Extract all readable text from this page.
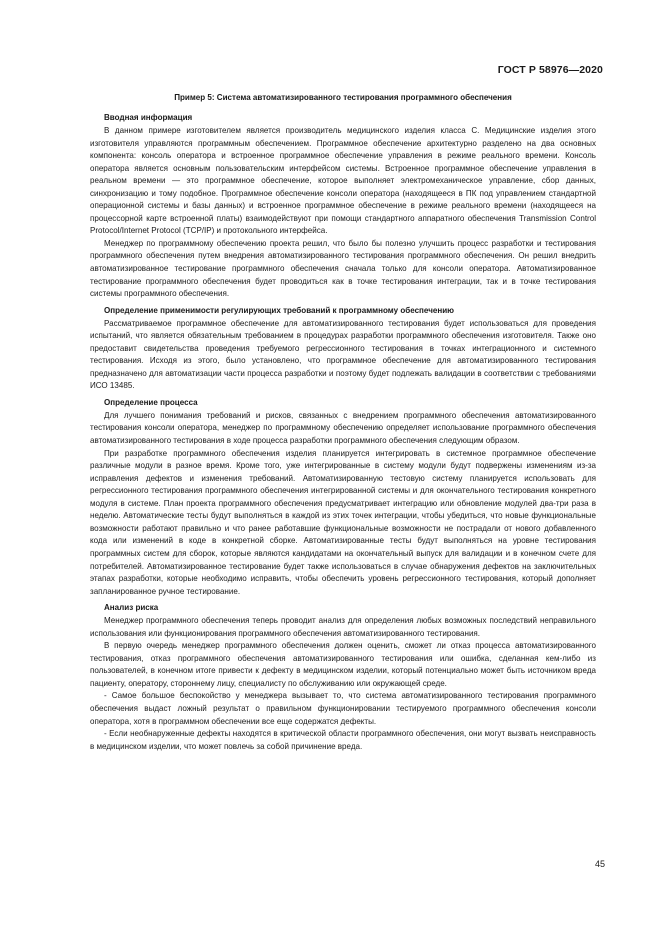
ГОСТ Р 58976—2020
Пример 5: Система автоматизированного тестирования программного обеспечения
Вводная информация

В данном примере изготовителем является производитель медицинского изделия класса С. Медицинские изделия этого изготовителя управляются программным обеспечением. Программное обеспечение архитектурно разделено на два основных компонента: консоль оператора и встроенное программное обеспечение управления в режиме реального времени. Консоль оператора является основным пользовательским интерфейсом системы. Встроенное программное обеспечение управления в реальном времени — это программное обеспечение, которое выполняет электромеханическое управление, сбор данных, синхронизацию и тому подобное. Программное обеспечение консоли оператора (находящееся в ПК под управлением стандартной операционной системы и базы данных) и встроенное программное обеспечение в режиме реального времени (находящееся на процессорной карте встроенной платы) взаимодействуют при помощи стандартного аппаратного обеспечения Transmission Control Protocol/Internet Protocol (TCP/IP) и протокольного интерфейса.

Менеджер по программному обеспечению проекта решил, что было бы полезно улучшить процесс разработки и тестирования программного обеспечения путем внедрения автоматизированного тестирования программного обеспечения. Он решил внедрить автоматизированное тестирование программного обеспечения сначала только для консоли оператора. Автоматизированное тестирование программного обеспечения будет проводиться как в точке тестирования интеграции, так и в точке тестирования системы программного обеспечения.

Определение применимости регулирующих требований к программному обеспечению

Рассматриваемое программное обеспечение для автоматизированного тестирования будет использоваться для проведения испытаний, что является обязательным требованием в процедурах разработки программного обеспечения изготовителя. Также оно предоставит свидетельства проведения требуемого регрессионного тестирования в точках интеграционного и системного тестирования. Исходя из этого, было установлено, что программное обеспечение для автоматизированного тестирования предназначено для автоматизации части процесса разработки и поэтому будет подлежать валидации в соответствии с требованиями ИСО 13485.

Определение процесса

Для лучшего понимания требований и рисков, связанных с внедрением программного обеспечения автоматизированного тестирования консоли оператора, менеджер по программному обеспечению определяет использование программного обеспечения автоматизированного тестирования в ходе процесса разработки программного обеспечения следующим образом.

При разработке программного обеспечения изделия планируется интегрировать в системное программное обеспечение различные модули в разное время. Кроме того, уже интегрированные в систему модули будут подвержены изменениям из-за исправления дефектов и изменения требований. Автоматизированную тестовую систему планируется использовать для регрессионного тестирования программного обеспечения интегрированной системы и для окончательного тестирования конкретного модуля в системе. План проекта программного обеспечения предусматривает интеграцию или обновление модулей два-три раза в неделю. Автоматические тесты будут выполняться в каждой из этих точек интеграции, чтобы убедиться, что новые функциональные возможности работают правильно и что ранее работавшие функциональные возможности не пострадали от нового добавленного кода или изменений в коде в конкретной сборке. Автоматизированные тесты будут выполняться на уровне тестирования программных систем для сборок, которые являются кандидатами на окончательный выпуск для валидации и в конечном счете для потребителей. Автоматизированное тестирование будет также использоваться в случае обнаружения дефектов на заключительных этапах разработки, которые необходимо исправить, чтобы обеспечить уровень регрессионного тестирования, который дополняет запланированное ручное тестирование.

Анализ риска

Менеджер программного обеспечения теперь проводит анализ для определения любых возможных последствий неправильного использования или функционирования программного обеспечения автоматизированного тестирования.

В первую очередь менеджер программного обеспечения должен оценить, сможет ли отказ процесса автоматизированного тестирования, отказ программного обеспечения автоматизированного тестирования или ошибка, сделанная кем-либо из пользователей, в конечном итоге привести к дефекту в медицинском изделии, который потенциально может быть источником вреда пациенту, оператору, стороннему лицу, специалисту по обслуживанию или окружающей среде.

- Самое большое беспокойство у менеджера вызывает то, что система автоматизированного тестирования программного обеспечения выдаст ложный результат о правильном функционировании тестируемого программного обеспечения консоли оператора, хотя в программном обеспечении все еще содержатся дефекты.

- Если необнаруженные дефекты находятся в критической области программного обеспечения, они могут вызвать неисправность в медицинском изделии, что может повлечь за собой причинение вреда.

45
